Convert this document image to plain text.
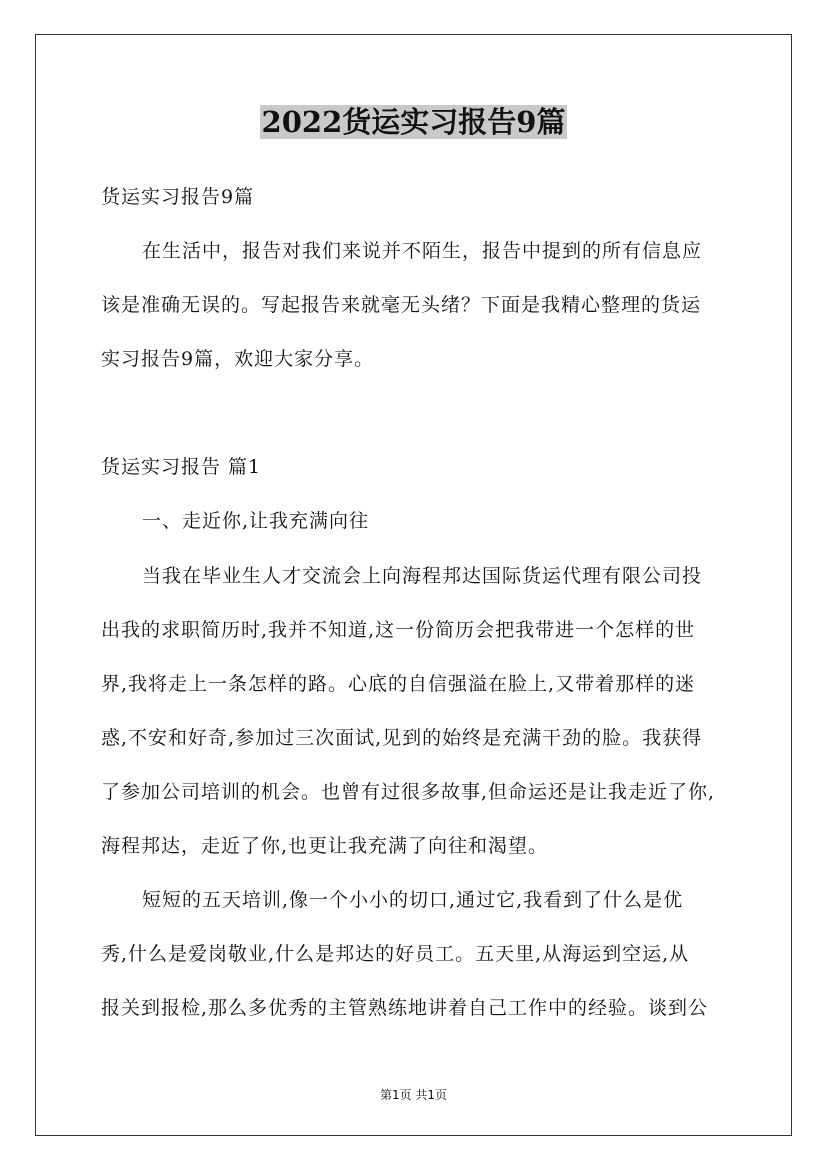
2022货运实习报告9篇
货运实习报告9篇
在生活中，报告对我们来说并不陌生，报告中提到的所有信息应
该是准确无误的。写起报告来就毫无头绪？下面是我精心整理的货运
实习报告9篇，欢迎大家分享。
货运实习报告 篇1
一、走近你,让我充满向往
当我在毕业生人才交流会上向海程邦达国际货运代理有限公司投
出我的求职简历时,我并不知道,这一份简历会把我带进一个怎样的世
界,我将走上一条怎样的路。心底的自信强溢在脸上,又带着那样的迷
惑,不安和好奇,参加过三次面试,见到的始终是充满干劲的脸。我获得
了参加公司培训的机会。也曾有过很多故事,但命运还是让我走近了你,
海程邦达，走近了你,也更让我充满了向往和渴望。
短短的五天培训,像一个小小的切口,通过它,我看到了什么是优
秀,什么是爱岗敬业,什么是邦达的好员工。五天里,从海运到空运,从
报关到报检,那么多优秀的主管熟练地讲着自己工作中的经验。谈到公
第1页 共1页
